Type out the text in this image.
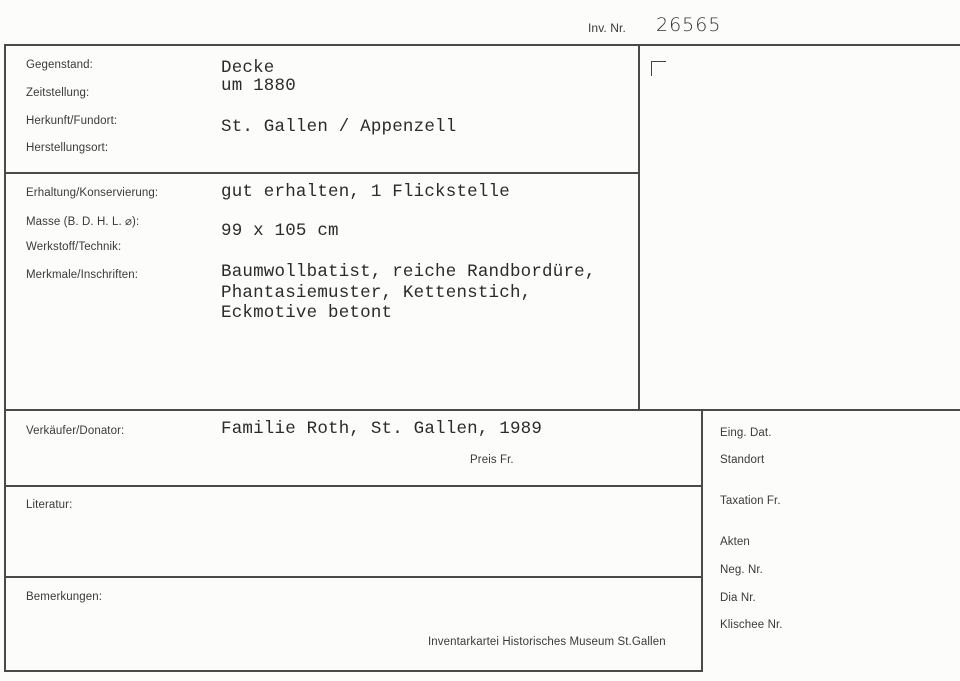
Inv. Nr. 26565
Gegenstand:
Zeitstellung:
Herkunft/Fundort:
Herstellungsort:
Decke
um 1880
St. Gallen / Appenzell
Erhaltung/Konservierung:
Masse (B. D. H. L. ⌀):
Werkstoff/Technik:
Merkmale/Inschriften:
gut erhalten, 1 Flickstelle
99 x 105 cm
Baumwollbatist, reiche Randbordüre,
Phantasiemuster, Kettenstich,
Eckmotive betont
Verkäufer/Donator:	Familie Roth, St. Gallen, 1989
Preis Fr.
Literatur:
Bemerkungen:
Inventarkartei Historisches Museum St.Gallen
Eing. Dat.
Standort
Taxation Fr.
Akten
Neg. Nr.
Dia Nr.
Klischee Nr.
